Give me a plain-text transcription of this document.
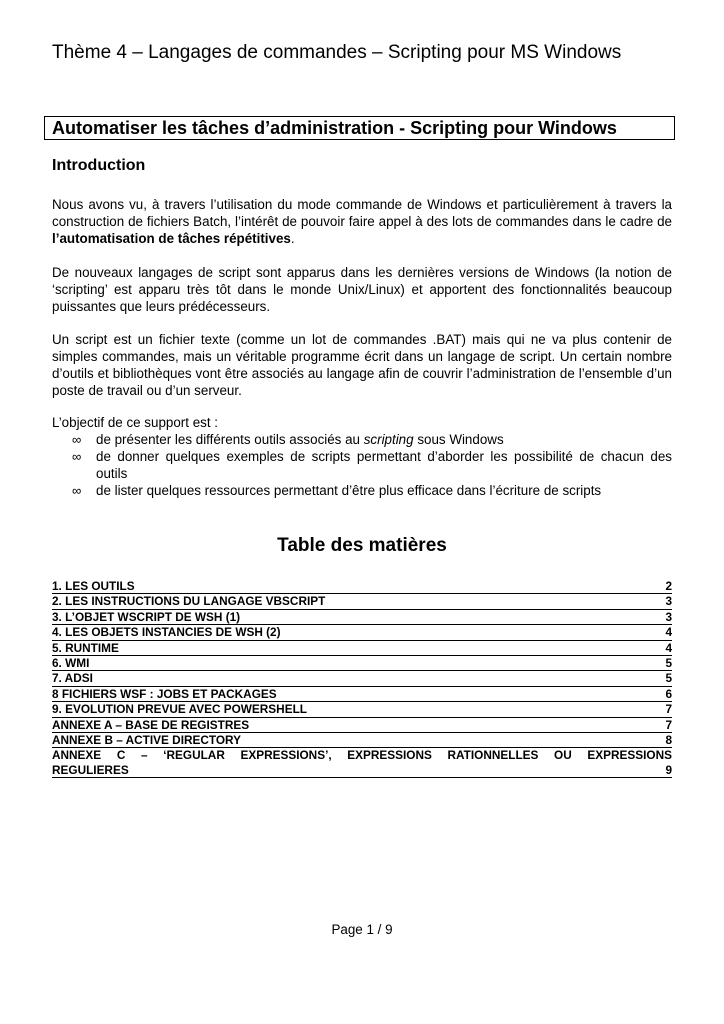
Thème 4 – Langages de commandes – Scripting pour MS Windows
Automatiser les tâches d’administration - Scripting pour Windows
Introduction

Nous avons vu, à travers l’utilisation du mode commande de Windows et particulièrement à travers la construction de fichiers Batch, l’intérêt de pouvoir faire appel à des lots de commandes dans le cadre de l’automatisation de tâches répétitives.

De nouveaux langages de script sont apparus dans les dernières versions de Windows (la notion de ‘scripting’ est apparu très tôt dans le monde Unix/Linux) et apportent des fonctionnalités beaucoup puissantes que leurs prédécesseurs.

Un script est un fichier texte (comme un lot de commandes .BAT) mais qui ne va plus contenir de simples commandes, mais un véritable programme écrit dans un langage de script. Un certain nombre d’outils et bibliothèques vont être associés au langage afin de couvrir l’administration de l’ensemble d’un poste de travail ou d’un serveur.

L’objectif de ce support est :

∞ de présenter les différents outils associés au scripting sous Windows
∞ de donner quelques exemples de scripts permettant d’aborder les possibilité de chacun des outils
∞ de lister quelques ressources permettant d’être plus efficace dans l’écriture de scripts
Table des matières
1. LES OUTILS	2
2. LES INSTRUCTIONS DU LANGAGE VBSCRIPT	3
3. L’OBJET WSCRIPT DE WSH (1)	3
4. LES OBJETS INSTANCIES DE WSH (2)	4
5. RUNTIME	4
6. WMI	5
7. ADSI	5
8 FICHIERS WSF : JOBS ET PACKAGES	6
9. EVOLUTION PREVUE AVEC POWERSHELL	7
ANNEXE A – BASE DE REGISTRES	7
ANNEXE B – ACTIVE DIRECTORY	8
ANNEXE C – ‘REGULAR EXPRESSIONS’, EXPRESSIONS RATIONNELLES OU EXPRESSIONS
REGULIERES	9
Page 1 / 9
